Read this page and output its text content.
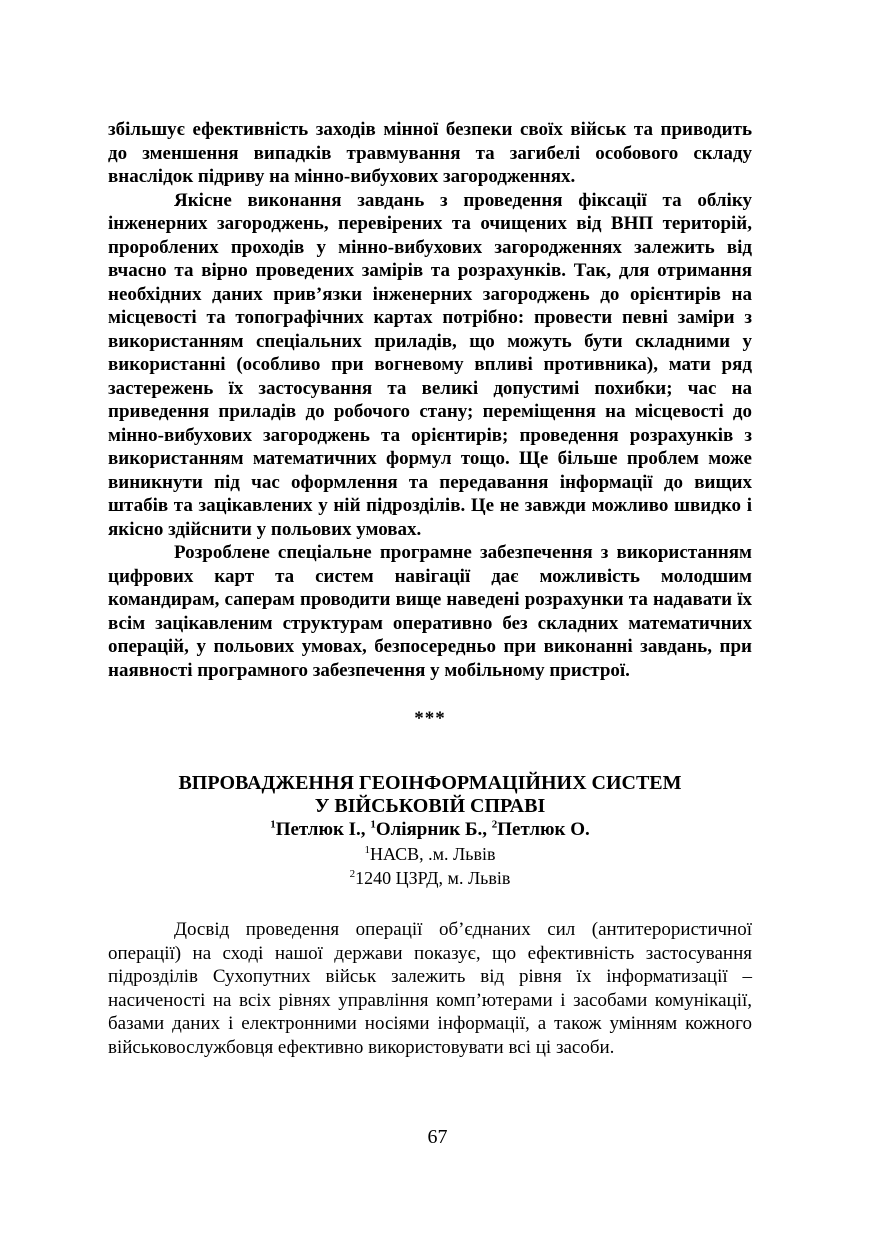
збільшує ефективність заходів мінної безпеки своїх військ та приводить до зменшення випадків травмування та загибелі особового складу внаслідок підриву на мінно-вибухових загородженнях.

Якісне виконання завдань з проведення фіксації та обліку інженерних загороджень, перевірених та очищених від ВНП територій, пророблених проходів у мінно-вибухових загородженнях залежить від вчасно та вірно проведених замірів та розрахунків. Так, для отримання необхідних даних прив’язки інженерних загороджень до орієнтирів на місцевості та топографічних картах потрібно: провести певні заміри з використанням спеціальних приладів, що можуть бути складними у використанні (особливо при вогневому впливі противника), мати ряд застережень їх застосування та великі допустимі похибки; час на приведення приладів до робочого стану; переміщення на місцевості до мінно-вибухових загороджень та орієнтирів; проведення розрахунків з використанням математичних формул тощо. Ще більше проблем може виникнути під час оформлення та передавання інформації до вищих штабів та зацікавлених у ній підрозділів. Це не завжди можливо швидко і якісно здійснити у польових умовах.

Розроблене спеціальне програмне забезпечення з використанням цифрових карт та систем навігації дає можливість молодшим командирам, саперам проводити вище наведені розрахунки та надавати їх всім зацікавленим структурам оперативно без складних математичних операцій, у польових умовах, безпосередньо при виконанні завдань, при наявності програмного забезпечення у мобільному пристрої.

***
ВПРОВАДЖЕННЯ ГЕОІНФОРМАЦІЙНИХ СИСТЕМ
У ВІЙСЬКОВІЙ СПРАВІ
$^1$Петлюк І., $^1$Оліярник Б., $^2$Петлюк О.
$^1$НАСВ, .м. Львів
$^2$1240 ЦЗРД, м. Львів

Досвід проведення операції об’єднаних сил (антитерористичної операції) на сході нашої держави показує, що ефективність застосування підрозділів Сухопутних військ залежить від рівня їх інформатизації – насиченості на всіх рівнях управління комп’ютерами і засобами комунікації, базами даних і електронними носіями інформації, а також умінням кожного військовослужбовця ефективно використовувати всі ці засоби.

67
